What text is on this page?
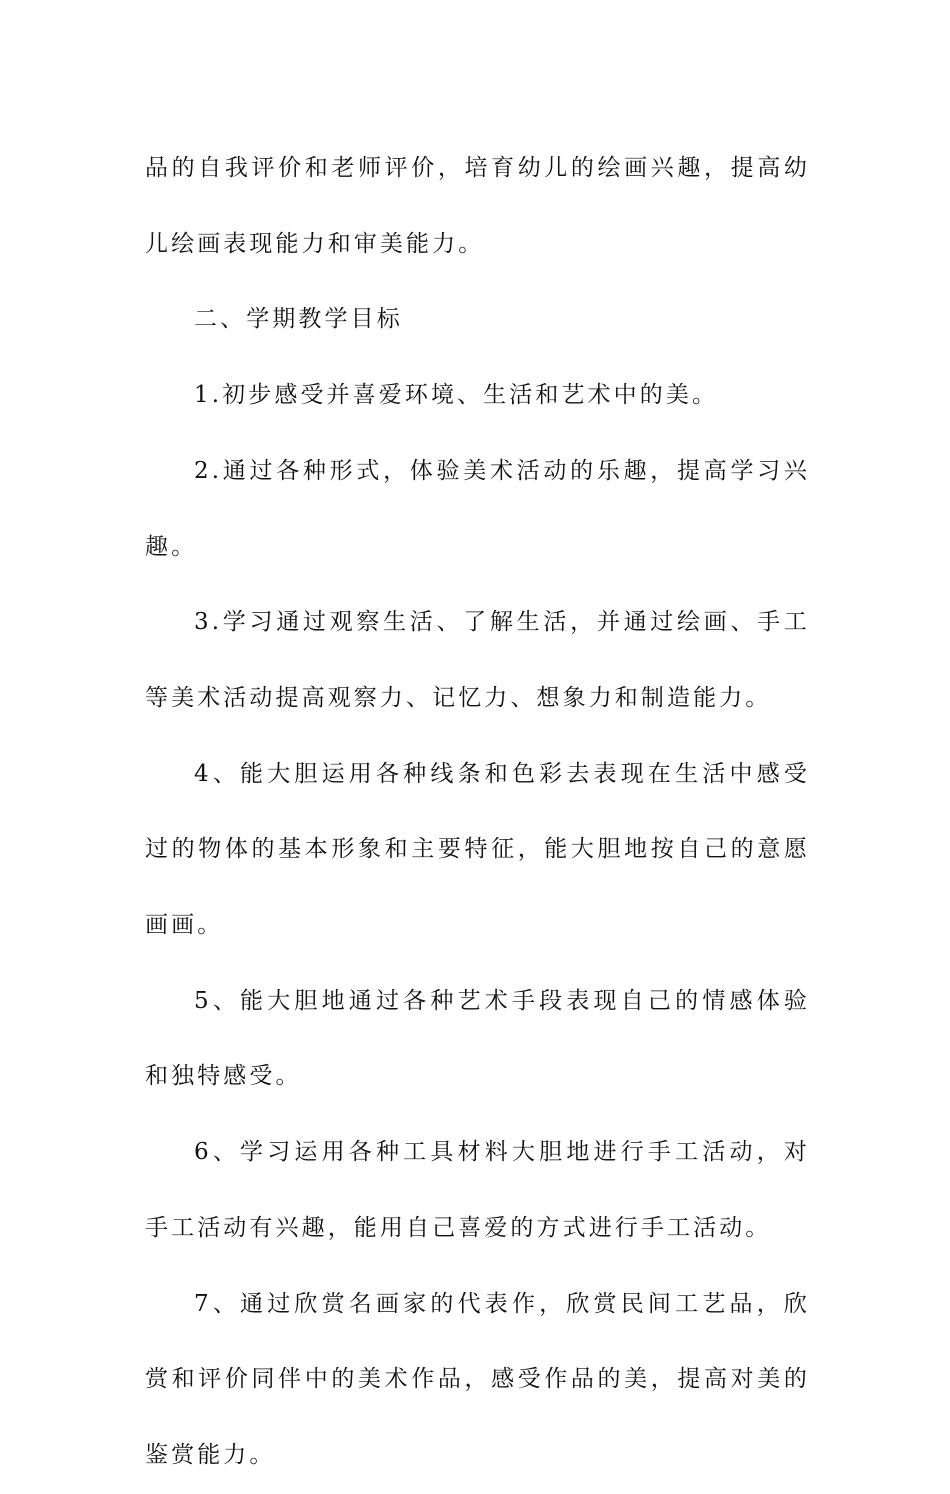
品的自我评价和老师评价，培育幼儿的绘画兴趣，提高幼儿绘画表现能力和审美能力。

二、学期教学目标

1.初步感受并喜爱环境、生活和艺术中的美。

2.通过各种形式，体验美术活动的乐趣，提高学习兴趣。

3.学习通过观察生活、了解生活，并通过绘画、手工等美术活动提高观察力、记忆力、想象力和制造能力。

4、能大胆运用各种线条和色彩去表现在生活中感受过的物体的基本形象和主要特征，能大胆地按自己的意愿画画。

5、能大胆地通过各种艺术手段表现自己的情感体验和独特感受。

6、学习运用各种工具材料大胆地进行手工活动，对手工活动有兴趣，能用自己喜爱的方式进行手工活动。

7、通过欣赏名画家的代表作，欣赏民间工艺品，欣赏和评价同伴中的美术作品，感受作品的美，提高对美的鉴赏能力。
